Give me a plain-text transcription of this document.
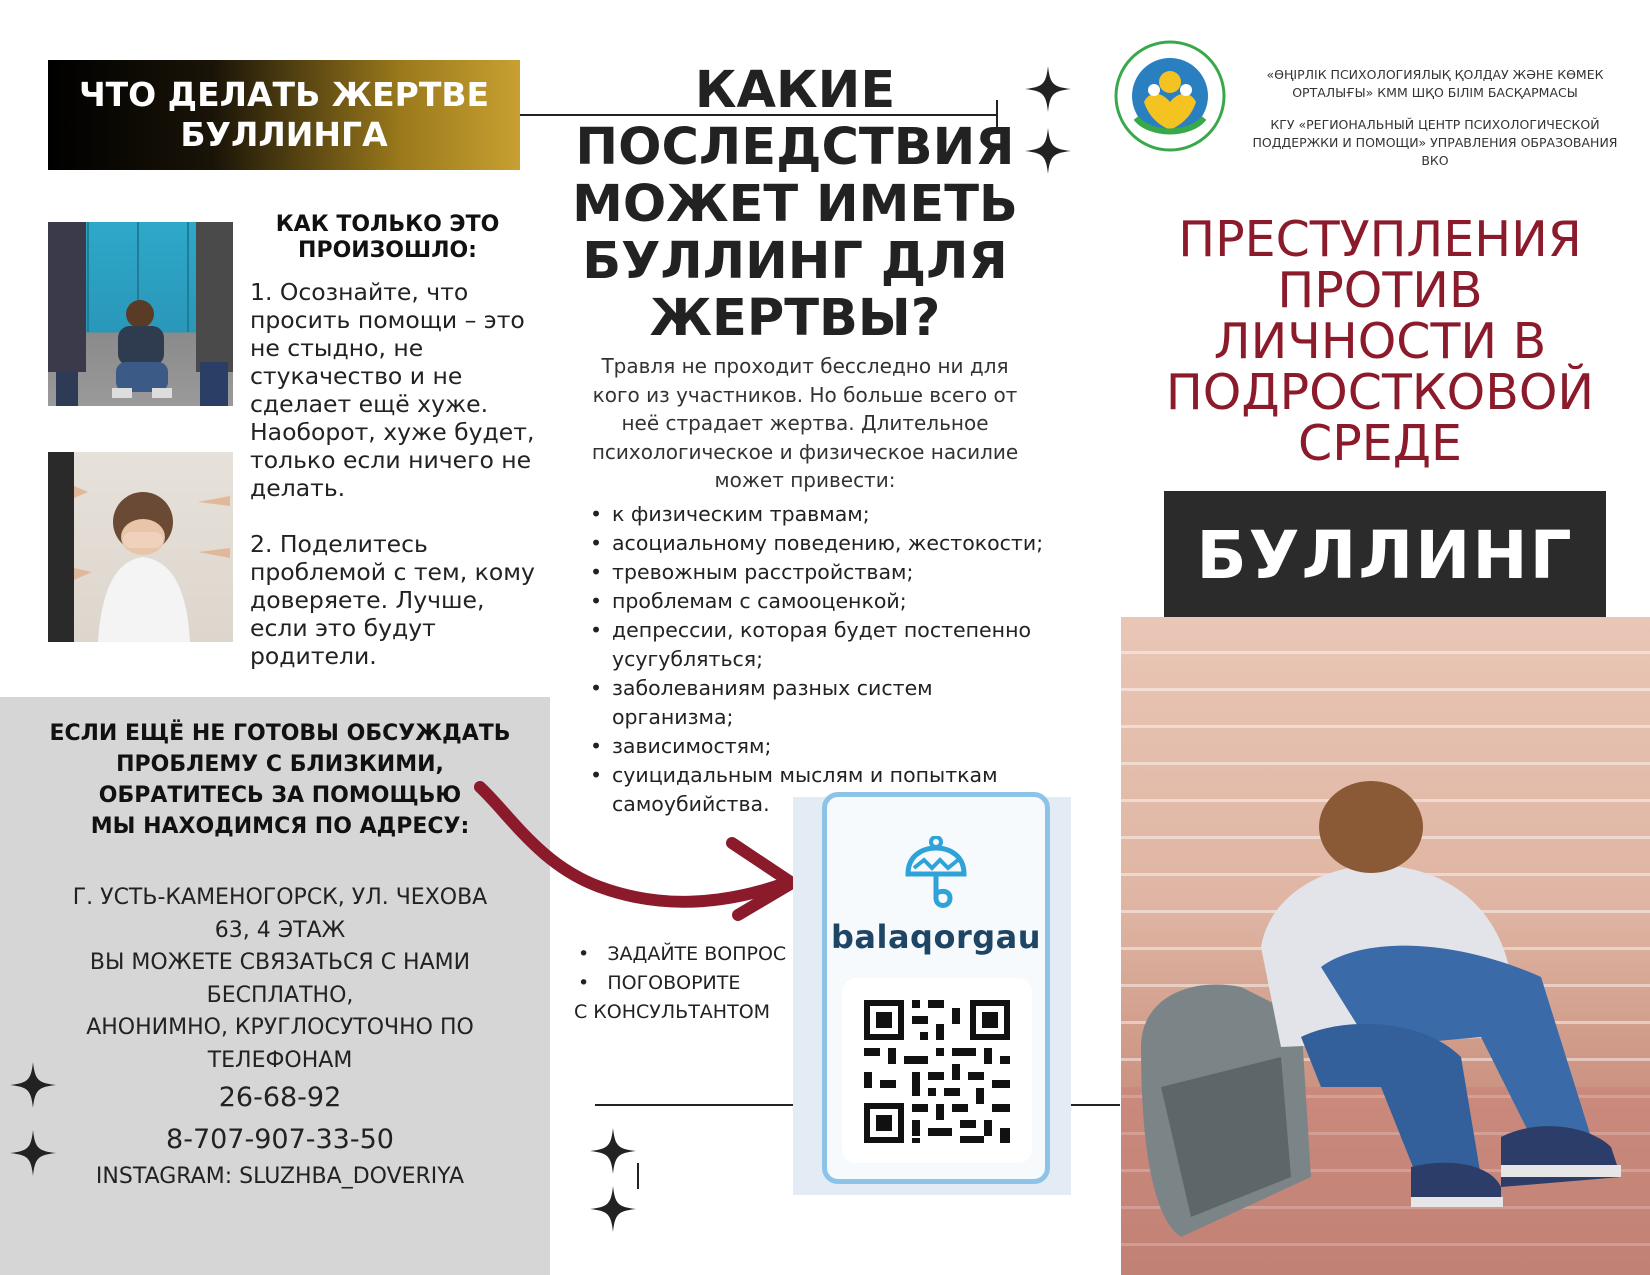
ЧТО ДЕЛАТЬ ЖЕРТВЕ
БУЛЛИНГА
КАК ТОЛЬКО ЭТО
ПРОИЗОШЛО:

1. Осознайте, что просить помощи – это не стыдно, не стукачество и не сделает ещё хуже. Наоборот, хуже будет, только если ничего не делать.

2. Поделитесь проблемой с тем, кому доверяете. Лучше, если это будут родители.

ЕСЛИ ЕЩЁ НЕ ГОТОВЫ ОБСУЖДАТЬ
ПРОБЛЕМУ С БЛИЗКИМИ,
ОБРАТИТЕСЬ ЗА ПОМОЩЬЮ
МЫ НАХОДИМСЯ ПО АДРЕСУ:
Г. УСТЬ-КАМЕНОГОРСК, УЛ. ЧЕХОВА
63, 4 ЭТАЖ
ВЫ МОЖЕТЕ СВЯЗАТЬСЯ С НАМИ
БЕСПЛАТНО,
АНОНИМНО, КРУГЛОСУТОЧНО ПО
ТЕЛЕФОНАМ
26-68-92
8-707-907-33-50
INSTAGRAM: SLUZHBA_DOVERIYA
КАКИЕ
ПОСЛЕДСТВИЯ
МОЖЕТ ИМЕТЬ
БУЛЛИНГ ДЛЯ
ЖЕРТВЫ?
Травля не проходит бесследно ни для кого из участников. Но больше всего от неё страдает жертва. Длительное психологическое и физическое насилие может привести:
• к физическим травмам;
• асоциальному поведению, жестокости;
• тревожным расстройствам;
• проблемам с самооценкой;
• депрессии, которая будет постепенно усугубляться;
• заболеваниям разных систем организма;
• зависимостям;
• суицидальным мыслям и попыткам самоубийства.
•   ЗАДАЙТЕ ВОПРОС
•   ПОГОВОРИТЕ
С КОНСУЛЬТАНТОМ
balaqorgau

«ӨҢІРЛІК ПСИХОЛОГИЯЛЫҚ ҚОЛДАУ ЖӘНЕ КӨМЕК ОРТАЛЫҒЫ» КММ ШҚО БІЛІМ БАСҚАРМАСЫ

КГУ «РЕГИОНАЛЬНЫЙ ЦЕНТР ПСИХОЛОГИЧЕСКОЙ ПОДДЕРЖКИ И ПОМОЩИ» УПРАВЛЕНИЯ ОБРАЗОВАНИЯ ВКО

ПРЕСТУПЛЕНИЯ
ПРОТИВ
ЛИЧНОСТИ В
ПОДРОСТКОВОЙ
СРЕДЕ
БУЛЛИНГ
